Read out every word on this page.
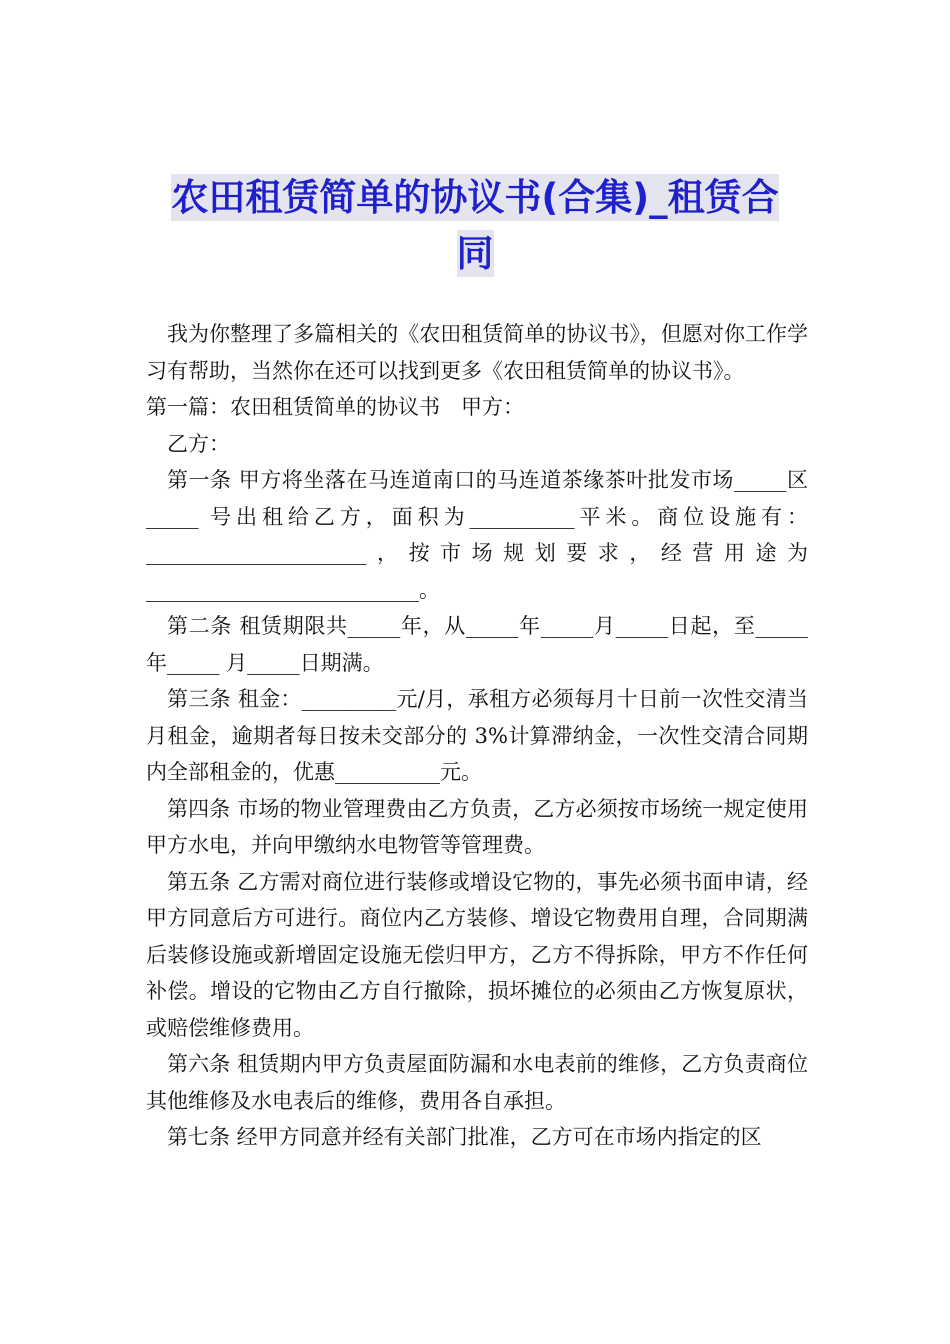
农田租赁简单的协议书(合集)_租赁合
同

我为你整理了多篇相关的《农田租赁简单的协议书》，但愿对你工作学习有帮助，当然你在还可以找到更多《农田租赁简单的协议书》。

第一篇：农田租赁简单的协议书　甲方：

乙方：

第一条 甲方将坐落在马连道南口的马连道茶缘茶叶批发市场_____区_____ 号出租给乙方，面积为__________平米。商位设施有：_____________________，按市场规划要求，经营用途为__________________________。

第二条 租赁期限共_____年，从_____年_____月_____日起，至_____ 年_____ 月_____日期满。

第三条 租金：_________元/月，承租方必须每月十日前一次性交清当月租金，逾期者每日按未交部分的 3%计算滞纳金，一次性交清合同期内全部租金的，优惠__________元。

第四条 市场的物业管理费由乙方负责，乙方必须按市场统一规定使用甲方水电，并向甲缴纳水电物管等管理费。

第五条 乙方需对商位进行装修或增设它物的，事先必须书面申请，经甲方同意后方可进行。商位内乙方装修、增设它物费用自理，合同期满后装修设施或新增固定设施无偿归甲方，乙方不得拆除，甲方不作任何补偿。增设的它物由乙方自行撤除，损坏摊位的必须由乙方恢复原状，或赔偿维修费用。

第六条 租赁期内甲方负责屋面防漏和水电表前的维修，乙方负责商位其他维修及水电表后的维修，费用各自承担。

第七条 经甲方同意并经有关部门批准，乙方可在市场内指定的区
